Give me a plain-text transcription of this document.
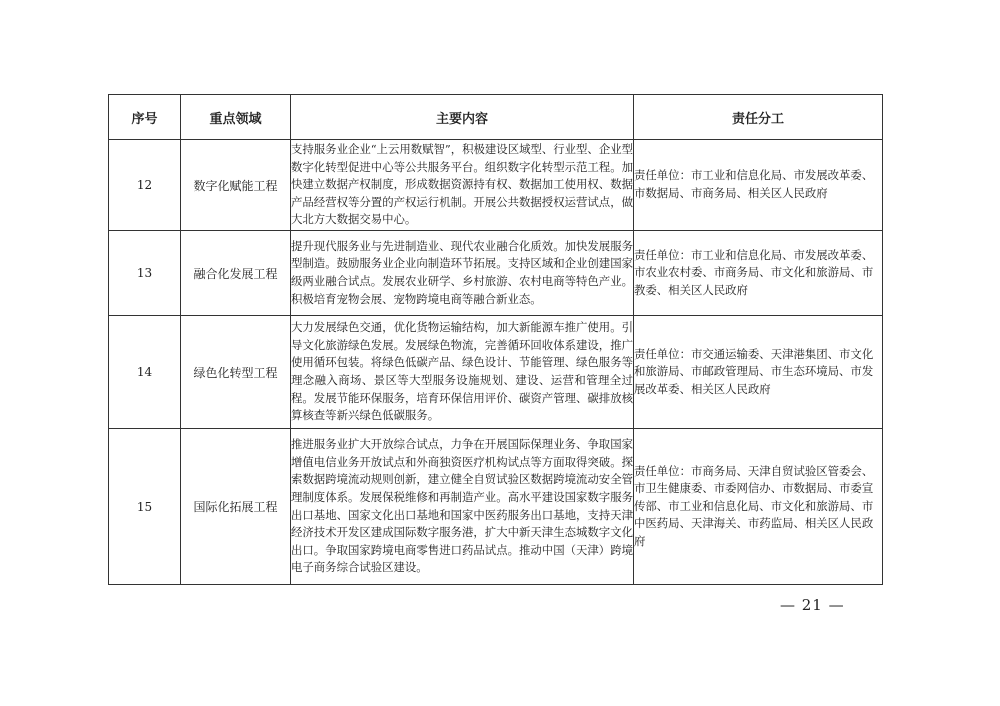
序号	重点领域	主要内容	责任分工
12	数字化赋能工程	支持服务业企业“上云用数赋智”，积极建设区域型、行业型、企业型数字化转型促进中心等公共服务平台。组织数字化转型示范工程。加快建立数据产权制度，形成数据资源持有权、数据加工使用权、数据产品经营权等分置的产权运行机制。开展公共数据授权运营试点，做大北方大数据交易中心。	责任单位：市工业和信息化局、市发展改革委、市数据局、市商务局、相关区人民政府
13	融合化发展工程	提升现代服务业与先进制造业、现代农业融合化质效。加快发展服务型制造。鼓励服务业企业向制造环节拓展。支持区域和企业创建国家级两业融合试点。发展农业研学、乡村旅游、农村电商等特色产业。积极培育宠物会展、宠物跨境电商等融合新业态。	责任单位：市工业和信息化局、市发展改革委、市农业农村委、市商务局、市文化和旅游局、市教委、相关区人民政府
14	绿色化转型工程	大力发展绿色交通，优化货物运输结构，加大新能源车推广使用。引导文化旅游绿色发展。发展绿色物流，完善循环回收体系建设，推广使用循环包装。将绿色低碳产品、绿色设计、节能管理、绿色服务等理念融入商场、景区等大型服务设施规划、建设、运营和管理全过程。发展节能环保服务，培育环保信用评价、碳资产管理、碳排放核算核查等新兴绿色低碳服务。	责任单位：市交通运输委、天津港集团、市文化和旅游局、市邮政管理局、市生态环境局、市发展改革委、相关区人民政府
15	国际化拓展工程	推进服务业扩大开放综合试点，力争在开展国际保理业务、争取国家增值电信业务开放试点和外商独资医疗机构试点等方面取得突破。探索数据跨境流动规则创新，建立健全自贸试验区数据跨境流动安全管理制度体系。发展保税维修和再制造产业。高水平建设国家数字服务出口基地、国家文化出口基地和国家中医药服务出口基地，支持天津经济技术开发区建成国际数字服务港，扩大中新天津生态城数字文化出口。争取国家跨境电商零售进口药品试点。推动中国（天津）跨境电子商务综合试验区建设。	责任单位：市商务局、天津自贸试验区管委会、市卫生健康委、市委网信办、市数据局、市委宣传部、市工业和信息化局、市文化和旅游局、市中医药局、天津海关、市药监局、相关区人民政府
— 21 —
